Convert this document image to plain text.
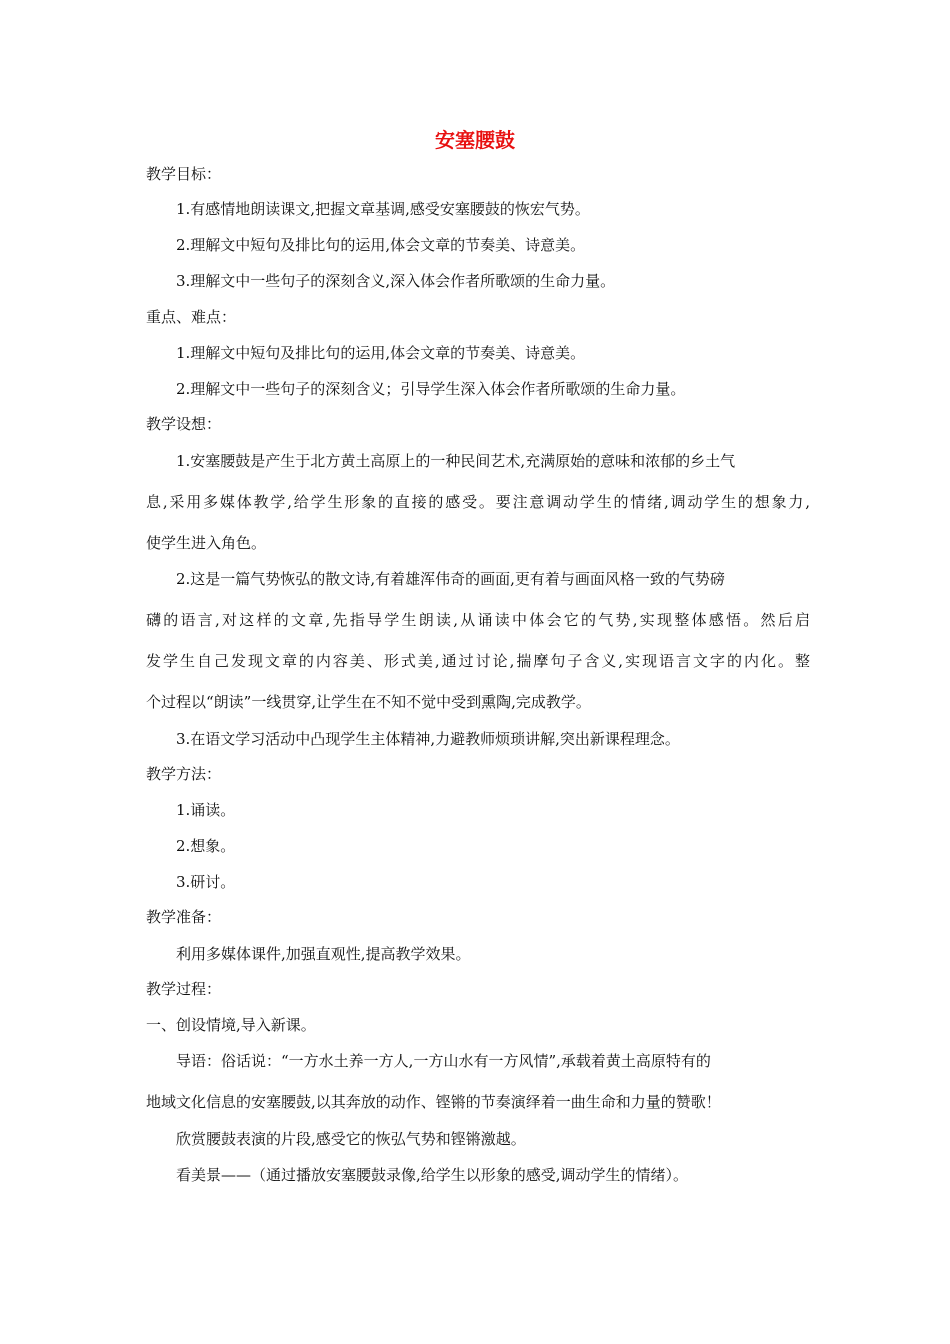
安塞腰鼓
教学目标：
1.有感情地朗读课文,把握文章基调,感受安塞腰鼓的恢宏气势。
2.理解文中短句及排比句的运用,体会文章的节奏美、诗意美。
3.理解文中一些句子的深刻含义,深入体会作者所歌颂的生命力量。
重点、难点：
1.理解文中短句及排比句的运用,体会文章的节奏美、诗意美。
2.理解文中一些句子的深刻含义；引导学生深入体会作者所歌颂的生命力量。
教学设想：
1.安塞腰鼓是产生于北方黄土高原上的一种民间艺术,充满原始的意味和浓郁的乡土气
息,采用多媒体教学,给学生形象的直接的感受。要注意调动学生的情绪,调动学生的想象力,
使学生进入角色。
2.这是一篇气势恢弘的散文诗,有着雄浑伟奇的画面,更有着与画面风格一致的气势磅
礴的语言,对这样的文章,先指导学生朗读,从诵读中体会它的气势,实现整体感悟。然后启
发学生自己发现文章的内容美、形式美,通过讨论,揣摩句子含义,实现语言文字的内化。整
个过程以“朗读”一线贯穿,让学生在不知不觉中受到熏陶,完成教学。
3.在语文学习活动中凸现学生主体精神,力避教师烦琐讲解,突出新课程理念。
教学方法：
1.诵读。
2.想象。
3.研讨。
教学准备：
利用多媒体课件,加强直观性,提高教学效果。
教学过程：
一、创设情境,导入新课。
导语：俗话说：“一方水土养一方人,一方山水有一方风情”,承载着黄土高原特有的
地域文化信息的安塞腰鼓,以其奔放的动作、铿锵的节奏演绎着一曲生命和力量的赞歌！
欣赏腰鼓表演的片段,感受它的恢弘气势和铿锵激越。
看美景——（通过播放安塞腰鼓录像,给学生以形象的感受,调动学生的情绪）。
